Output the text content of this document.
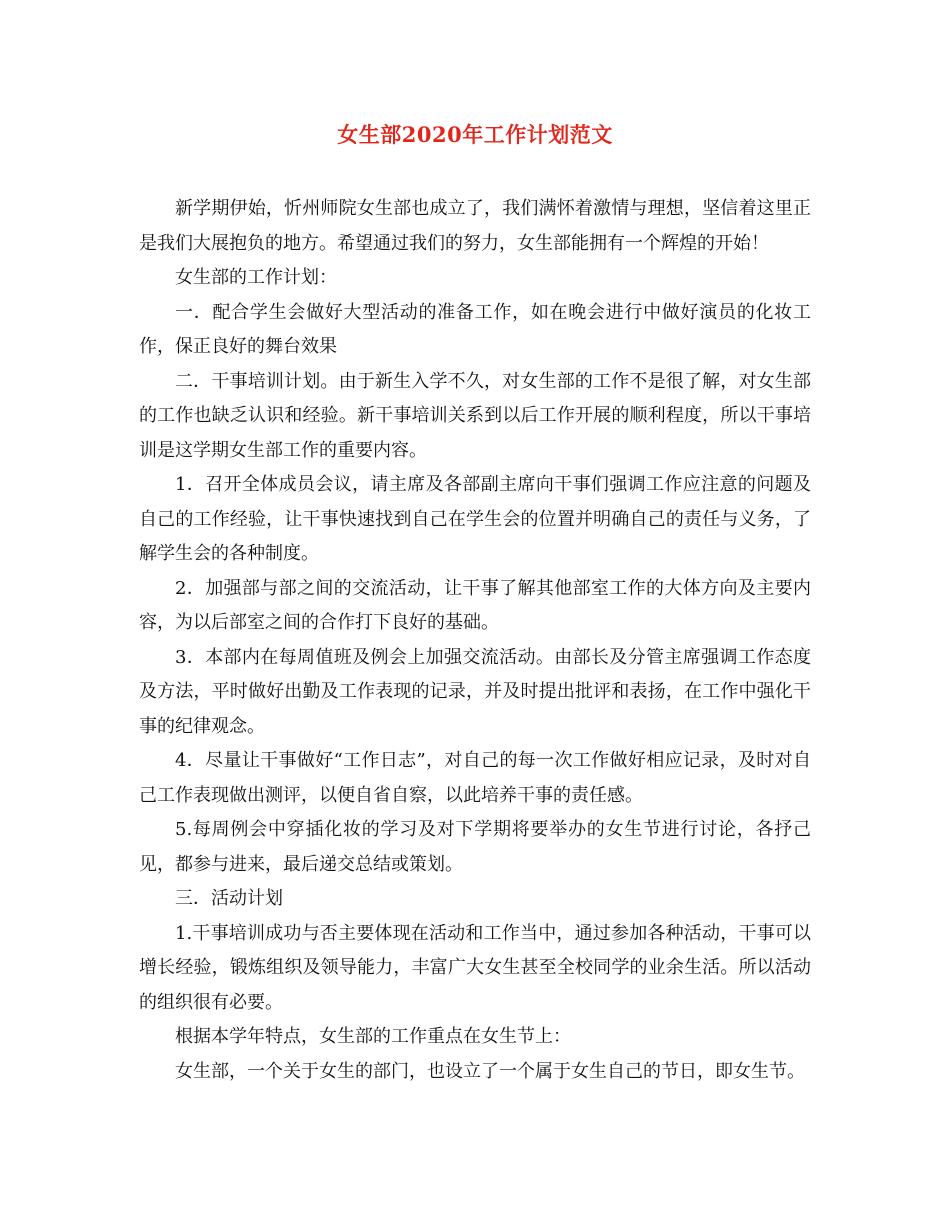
女生部2020年工作计划范文

新学期伊始，忻州师院女生部也成立了，我们满怀着激情与理想，坚信着这里正是我们大展抱负的地方。希望通过我们的努力，女生部能拥有一个辉煌的开始！

女生部的工作计划：

一．配合学生会做好大型活动的准备工作，如在晚会进行中做好演员的化妆工作，保正良好的舞台效果

二．干事培训计划。由于新生入学不久，对女生部的工作不是很了解，对女生部的工作也缺乏认识和经验。新干事培训关系到以后工作开展的顺利程度，所以干事培训是这学期女生部工作的重要内容。

1．召开全体成员会议，请主席及各部副主席向干事们强调工作应注意的问题及自己的工作经验，让干事快速找到自己在学生会的位置并明确自己的责任与义务，了解学生会的各种制度。

2．加强部与部之间的交流活动，让干事了解其他部室工作的大体方向及主要内容，为以后部室之间的合作打下良好的基础。

3．本部内在每周值班及例会上加强交流活动。由部长及分管主席强调工作态度及方法，平时做好出勤及工作表现的记录，并及时提出批评和表扬，在工作中强化干事的纪律观念。

4．尽量让干事做好“工作日志”，对自己的每一次工作做好相应记录，及时对自己工作表现做出测评，以便自省自察，以此培养干事的责任感。

5.每周例会中穿插化妆的学习及对下学期将要举办的女生节进行讨论，各抒己见，都参与进来，最后递交总结或策划。

三．活动计划

1.干事培训成功与否主要体现在活动和工作当中，通过参加各种活动，干事可以增长经验，锻炼组织及领导能力，丰富广大女生甚至全校同学的业余生活。所以活动的组织很有必要。

根据本学年特点，女生部的工作重点在女生节上：

女生部，一个关于女生的部门，也设立了一个属于女生自己的节日，即女生节。
